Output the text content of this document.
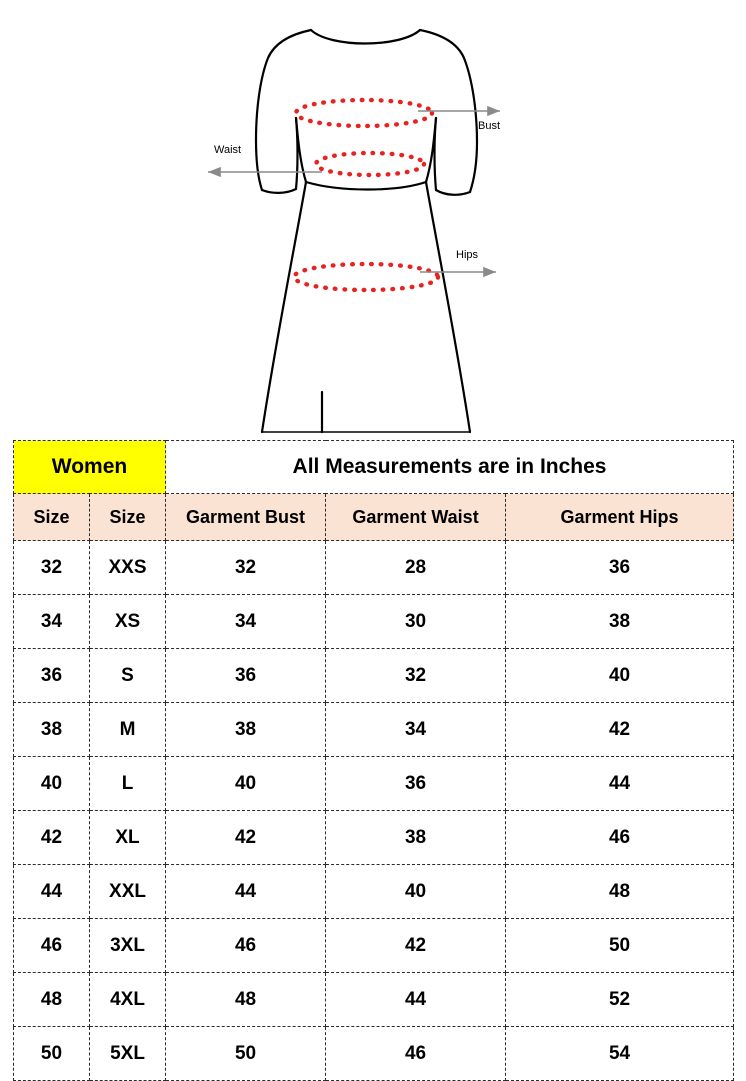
Bust
Waist
Hips
Women		All Measurements are in Inches		
Size	Size	Garment Bust	Garment Waist	Garment Hips
32	XXS	32	28	36
34	XS	34	30	38
36	S	36	32	40
38	M	38	34	42
40	L	40	36	44
42	XL	42	38	46
44	XXL	44	40	48
46	3XL	46	42	50
48	4XL	48	44	52
50	5XL	50	46	54
